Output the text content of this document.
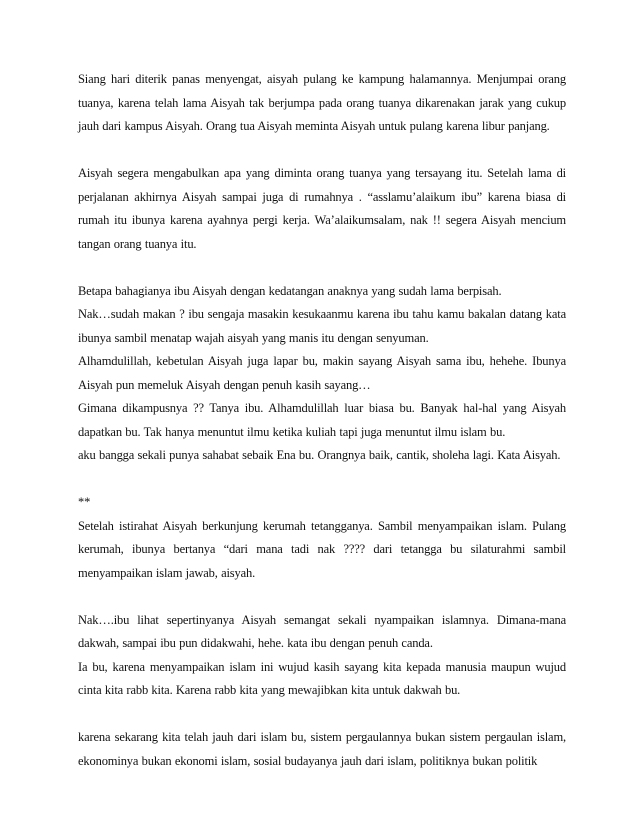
Siang hari diterik panas menyengat, aisyah pulang ke kampung halamannya. Menjumpai orang tuanya, karena telah lama Aisyah tak berjumpa pada orang tuanya dikarenakan jarak yang cukup jauh dari kampus Aisyah. Orang tua Aisyah meminta Aisyah untuk pulang karena libur panjang.

Aisyah segera mengabulkan apa yang diminta orang tuanya yang tersayang itu. Setelah lama di perjalanan akhirnya Aisyah sampai juga di rumahnya . “asslamu’alaikum ibu” karena biasa di rumah itu ibunya karena ayahnya pergi kerja. Wa’alaikumsalam, nak !! segera Aisyah mencium tangan orang tuanya itu.

Betapa bahagianya ibu Aisyah dengan kedatangan anaknya yang sudah lama berpisah.

Nak…sudah makan ? ibu sengaja masakin kesukaanmu karena ibu tahu kamu bakalan datang kata ibunya sambil menatap wajah aisyah yang manis itu dengan senyuman.

Alhamdulillah, kebetulan Aisyah juga lapar bu, makin sayang Aisyah sama ibu, hehehe. Ibunya Aisyah pun memeluk Aisyah dengan penuh kasih sayang…

Gimana dikampusnya ?? Tanya ibu. Alhamdulillah luar biasa bu. Banyak hal-hal yang Aisyah dapatkan bu. Tak hanya menuntut ilmu ketika kuliah tapi juga menuntut ilmu islam bu.

aku bangga sekali punya sahabat sebaik Ena bu. Orangnya baik, cantik, sholeha lagi. Kata Aisyah.

**

Setelah istirahat Aisyah berkunjung kerumah tetangganya. Sambil menyampaikan islam. Pulang kerumah, ibunya bertanya “dari mana tadi nak ???? dari tetangga bu silaturahmi sambil menyampaikan islam jawab, aisyah.

Nak….ibu lihat sepertinyanya Aisyah semangat sekali nyampaikan islamnya. Dimana-mana dakwah, sampai ibu pun didakwahi, hehe. kata ibu dengan penuh canda.

Ia bu, karena menyampaikan islam ini wujud kasih sayang kita kepada manusia maupun wujud cinta kita rabb kita. Karena rabb kita yang mewajibkan kita untuk dakwah bu.

karena sekarang kita telah jauh dari islam bu, sistem pergaulannya bukan sistem pergaulan islam, ekonominya bukan ekonomi islam, sosial budayanya jauh dari islam, politiknya bukan politik
